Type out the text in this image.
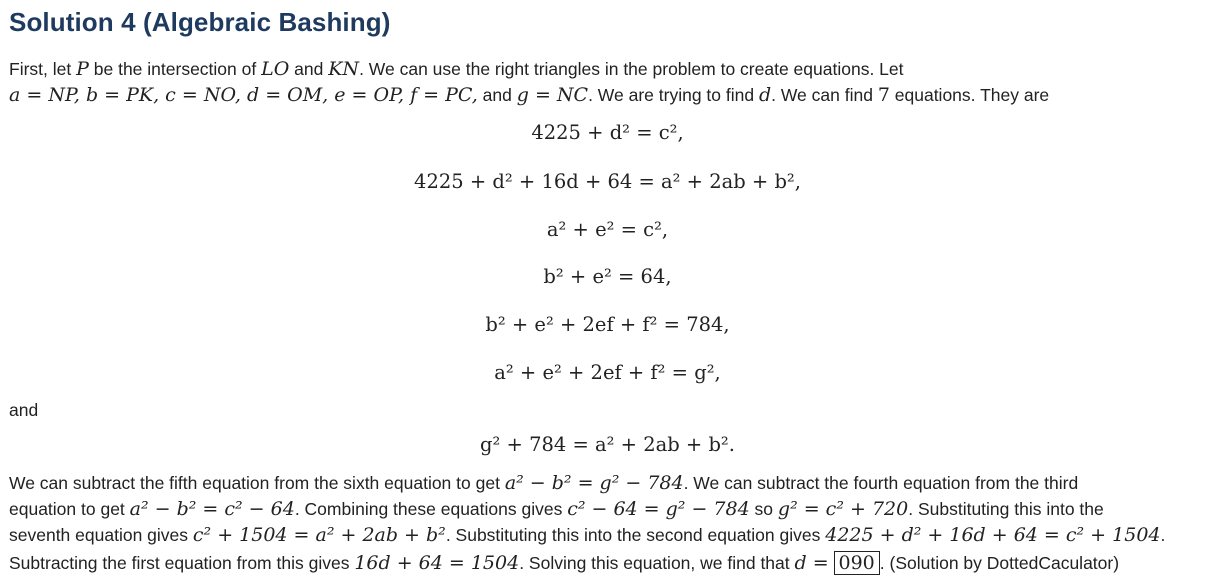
Solution 4 (Algebraic Bashing)

First, let P be the intersection of LO and KN. We can use the right triangles in the problem to create equations. Let

a = NP, b = PK, c = NO, d = OM, e = OP, f = PC, and g = NC. We are trying to find d. We can find 7 equations. They are

4225 + d² = c²,
4225 + d² + 16d + 64 = a² + 2ab + b²,
a² + e² = c²,
b² + e² = 64,
b² + e² + 2ef + f² = 784,
a² + e² + 2ef + f² = g²,

and

g² + 784 = a² + 2ab + b².

We can subtract the fifth equation from the sixth equation to get a² − b² = g² − 784. We can subtract the fourth equation from the third

equation to get a² − b² = c² − 64. Combining these equations gives c² − 64 = g² − 784 so g² = c² + 720. Substituting this into the

seventh equation gives c² + 1504 = a² + 2ab + b². Substituting this into the second equation gives 4225 + d² + 16d + 64 = c² + 1504.

Subtracting the first equation from this gives 16d + 64 = 1504. Solving this equation, we find that d = 090 . (Solution by DottedCaculator)
